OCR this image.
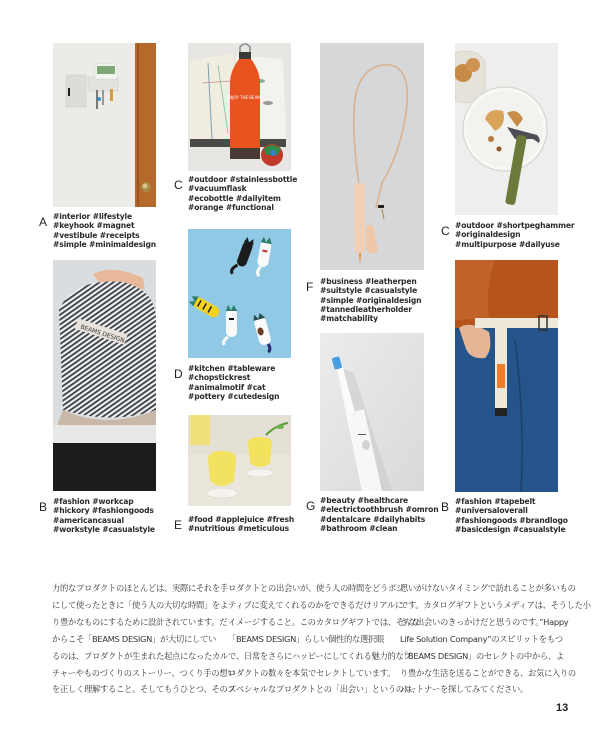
A #interior #lifestyle
#keyhook #magnet
#vestibule #receipts
#simple #minimaldesign
BEAMS DESIGN
B #fashion #workcap
#hickory #fashiongoods
#americancasual
#workstyle #casualstyle
ENJOY THE BEAMS
C #outdoor #stainlessbottle
#vacuumflask
#ecobottle #dailyitem
#orange #functional
D #kitchen #tableware
#chopstickrest
#animalmotif #cat
#pottery #cutedesign
E #food #applejuice #fresh
#nutritious #meticulous
F #business #leatherpen
#suitstyle #casualstyle
#simple #originaldesign
#tannedleatherholder
#matchability
G #beauty #healthcare
#electrictoothbrush #omron
#dentalcare #dailyhabits
#bathroom #clean
C #outdoor #shortpeghammer
#originaldesign
#multipurpose #dailyuse
B #fashion #tapebelt
#universaloverall
#fashiongoods #brandlogo
#basicdesign #casualstyle
力的なプロダクトのほとんどは、実際にそれを手
にして使ったときに「使う人の大切な時間」をよ
り豊かなものにするために設計されています。だ
からこそ「BEAMS DESIGN」が大切にしてい
るのは、プロダクトが生まれた起点になったカル
チャーやものづくりのストーリー、つくり手の想い
を正しく理解すること。そしてもうひとつ、そのプ
ロダクトとの出会いが、使う人の時間をどうポジ
ティブに変えてくれるのかをできるだけリアルに
イメージすること。このカタログギフトでは、そんな
「BEAMS DESIGN」らしい個性的な選択眼
で、日常をさらにハッピーにしてくれる魅力的なプ
ロダクトの数々を本気でセレクトしています。
スペシャルなプロダクトとの「出会い」というのは、
思いがけないタイミングで訪れることが多いもの
です。カタログギフトというメディアは、そうした小
さな出会いのきっかけだと思うのです。”Happy
Life Solution Company”のスピリットをもつ
「BEAMS DESIGN」のセレクトの中から、よ
り豊かな生活を送ることができる、お気に入りの
パートナーを探してみてください。
13
